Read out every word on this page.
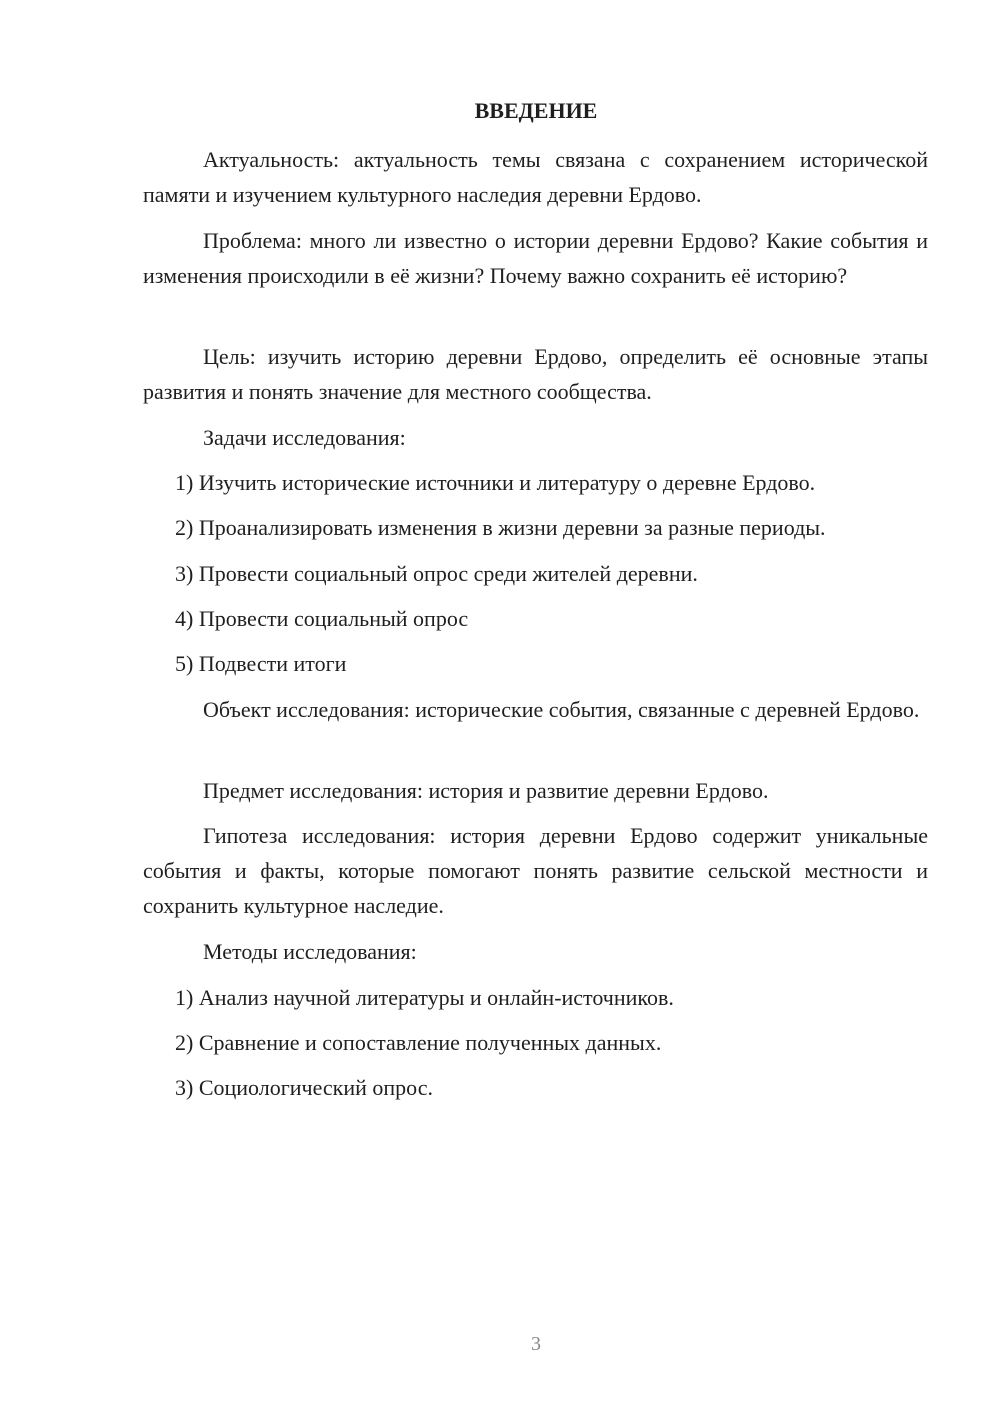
ВВЕДЕНИЕ

Актуальность: актуальность темы связана с сохранением исторической памяти и изучением культурного наследия деревни Ердово.

Проблема: много ли известно о истории деревни Ердово? Какие события и изменения происходили в её жизни? Почему важно сохранить её историю?

Цель: изучить историю деревни Ердово, определить её основные этапы развития и понять значение для местного сообщества.

Задачи исследования:

1) Изучить исторические источники и литературу о деревне Ердово.

2) Проанализировать изменения в жизни деревни за разные периоды.

3) Провести социальный опрос среди жителей деревни.

4) Провести социальный опрос

5) Подвести итоги

Объект исследования: исторические события, связанные с деревней Ердово.

Предмет исследования: история и развитие деревни Ердово.

Гипотеза исследования: история деревни Ердово содержит уникальные события и факты, которые помогают понять развитие сельской местности и сохранить культурное наследие.

Методы исследования:

1) Анализ научной литературы и онлайн-источников.

2) Сравнение и сопоставление полученных данных.

3) Социологический опрос.

3
